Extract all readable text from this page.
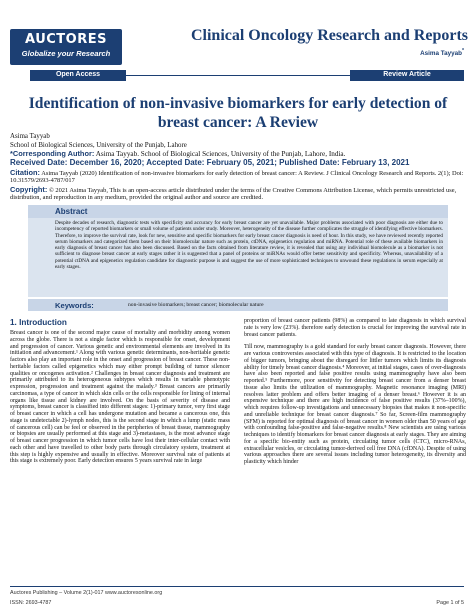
AUCTORES
Globalize your Research
Clinical Oncology Research and Reports
Asima Tayyab*
Open Access	Review Article
Identification of non-invasive biomarkers for early detection of breast cancer: A Review
Asima Tayyab
School of Biological Sciences, University of the Punjab, Lahore
*Corresponding Author: Asima Tayyab. School of Biological Sciences, University of the Punjab, Lahore, India.
Received Date: December 16, 2020; Accepted Date: February 05, 2021; Published Date: February 13, 2021
Citation: Asima Tayyab (2020) Identification of non-invasive biomarkers for early detection of breast cancer: A Review. J Clinical Oncology Research and Reports. 2(1); Doi: 10.31579/2693-4787/017
Abstract
Despite decades of research, diagnostic tests with specificity and accuracy for early breast cancer are yet unavailable. Major problems associated with poor diagnosis are either due to incompetency of reported biomarkers or small volume of patients under study. Moreover, heterogeneity of the disease further complicates the struggle of identifying effective biomarkers. Therefore, to improve the survival rate, look for new, sensitive and specific biomarkers for early breast cancer diagnosis is need of hour. In this study, we have reviewed recently reported serum biomarkers and categorized them based on their biomolecular nature such as protein, ctDNA, epigenetics regulation and miRNA. Potential role of these available biomarkers in early diagnosis of breast cancer has also been discussed. Based on the facts obtained from literature review, it is revealed that using any individual biomolecule as a biomarker is not sufficient to diagnose breast cancer at early stages rather it is suggested that a panel of proteins or miRNAs would offer better sensitivity and specificity. Whereas, unavailability of a potential ctDNA and epigenetics regulation candidate for diagnostic purpose is and suggest the use of more sophisticated techniques to unwound these regulations in serum especially at early stages.
Keywords:	non-invasive biomarkers; breast cancer; biomolecular nature
1. Introduction

Breast cancer is one of the second major cause of mortality and morbidity among women across the globe. There is not a single factor which is responsible for onset, development and progression of cancer. Various genetic and environmental elements are involved in its initiation and advancement.¹ Along with various genetic determinants, non-heritable genetic factors also play an important role in the onset and progression of breast cancer. These non-heritable factors called epigenetics which may either prompt building of tumor silencer qualities or oncogenes activation.² Challenges in breast cancer diagnosis and treatment are primarily attributed to its heterogeneous subtypes which results in variable phenotypic expression, progression and treatment against the malady.³ Breast cancers are primarily carcinomas, a type of cancer in which skin cells or the cells responsible for lining of internal organs like tissue and kidney are involved. On the basis of severity of disease and symptoms, breast cancer is classified into different stages: 1)-primary tumor, very first stage of breast cancer in which a cell has undergone mutation and became a cancerous one, this stage is undetectable 2)-lymph nodes, this is the second stage in which a lump (static mass of cancerous cell) can be feel or observed in the peripheries of breast tissue, mammography or biopsies are usually performed at this stage and 3)-metastases, is the most advance stage of breast cancer progression in which tumor cells have lost their inter-cellular contact with each other and have travelled to other body parts through circulatory system, treatment at this step is highly expensive and usually in effective. Moreover survival rate of patients at this stage is extremely poor. Early detection ensures 5 years survival rate in large

proportion of breast cancer patients (98%) as compared to late diagnosis in which survival rate is very low (23%). therefore early detection is crucial for improving the survival rate in breast cancer patients.

Till now, mammography is a gold standard for early breast cancer diagnosis. However, there are various controversies associated with this type of diagnosis. It is restricted to the location of bigger tumors, bringing about the disregard for littler tumors which limits its diagnosis ability for timely breast cancer diagnosis.⁴ Moreover, at initial stages, cases of over-diagnosis have also been reported and false positive results using mammography have also been reported.⁵ Furthermore, poor sensitivity for detecting breast cancer from a denser breast tissue also limits the utilization of mammography. Magnetic resonance imaging (MRI) resolves latter problem and offers better imaging of a denser breast.⁶ However it is an expensive technique and there are high incidence of false positive results (37%–100%), which requires follow-up investigations and unnecessary biopsies that makes it non-specific and unreliable technique for breast cancer diagnosis.⁷ So far, Screen-film mammography (SFM) is reported for optimal diagnosis of breast cancer in women older than 50 years of age with confounding false-positive and false-negative results.⁸ New scientists are using various techniques to identify biomarkers for breast cancer diagnosis at early stages. They are aiming for a specific bio-entity such as protein, circulating tumor cells (CTC), micro-RNAs, extracellular vesicles, or circulating tumor-derived cell free DNA (cfDNA). Despite of using various approaches there are several issues including tumor heterogeneity, its diversity and plasticity which hinder

Auctores Publishing – Volume 2(1)-017 www.auctoresonline.org
ISSN: 2693-4787	Page 1 of 5
Copyright: © 2021 Asima Tayyab, This is an open-access article distributed under the terms of the Creative Commons Attribution License, which permits unrestricted use, distribution, and reproduction in any medium, provided the original author and source are credited.
